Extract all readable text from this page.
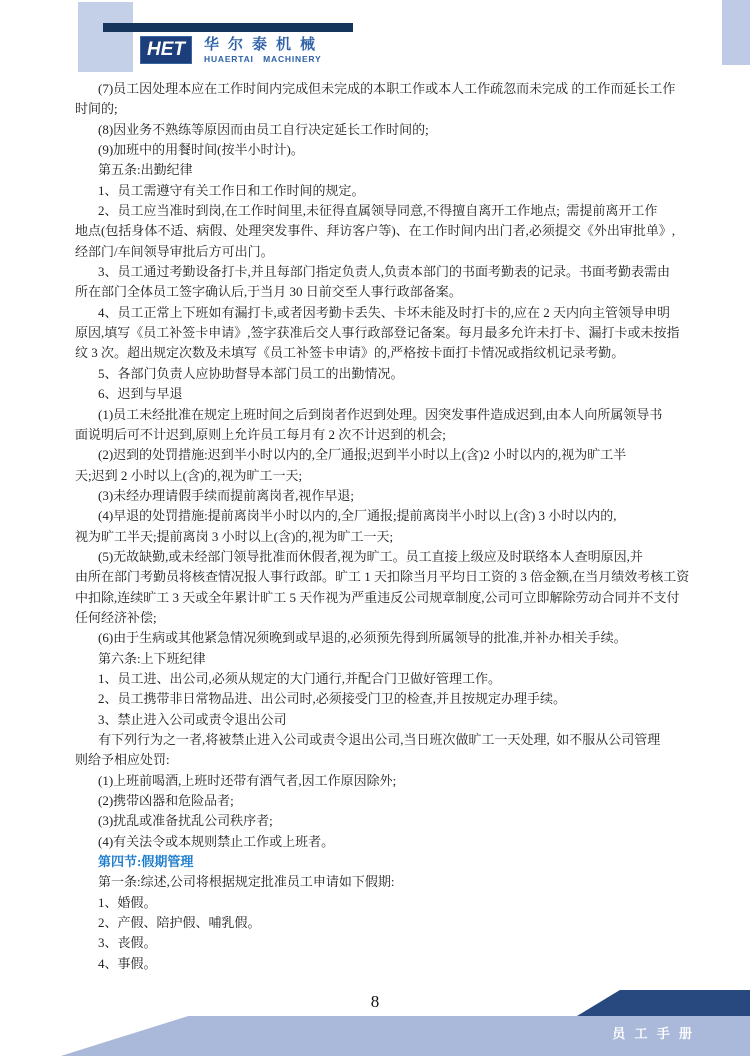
HET 华尔泰机械
HUAERTAI   MACHINERY
(7)员工因处理本应在工作时间内完成但未完成的本职工作或本人工作疏忽而未完成 的工作而延长工作
时间的;
(8)因业务不熟练等原因而由员工自行决定延长工作时间的;
(9)加班中的用餐时间(按半小时计)。
第五条:出勤纪律
1、员工需遵守有关工作日和工作时间的规定。
2、员工应当准时到岗,在工作时间里,未征得直属领导同意,不得擅自离开工作地点;  需提前离开工作
地点(包括身体不适、病假、处理突发事件、拜访客户等)、在工作时间内出门者,必须提交《外出审批单》,
经部门/车间领导审批后方可出门。
3、员工通过考勤设备打卡,并且每部门指定负责人,负责本部门的书面考勤表的记录。书面考勤表需由
所在部门全体员工签字确认后,于当月 30 日前交至人事行政部备案。
4、员工正常上下班如有漏打卡,或者因考勤卡丢失、卡坏未能及时打卡的,应在 2 天内向主管领导申明
原因,填写《员工补签卡申请》,签字获准后交人事行政部登记备案。每月最多允许未打卡、漏打卡或未按指
纹 3 次。超出规定次数及未填写《员工补签卡申请》的,严格按卡面打卡情况或指纹机记录考勤。
5、各部门负责人应协助督导本部门员工的出勤情况。
6、迟到与早退
(1)员工未经批准在规定上班时间之后到岗者作迟到处理。因突发事件造成迟到,由本人向所属领导书
面说明后可不计迟到,原则上允许员工每月有 2 次不计迟到的机会;
(2)迟到的处罚措施:迟到半小时以内的,全厂通报;迟到半小时以上(含)2 小时以内的,视为旷工半
天;迟到 2 小时以上(含)的,视为旷工一天;
(3)未经办理请假手续而提前离岗者,视作早退;
(4)早退的处罚措施:提前离岗半小时以内的,全厂通报;提前离岗半小时以上(含) 3 小时以内的,
视为旷工半天;提前离岗 3 小时以上(含)的,视为旷工一天;
(5)无故缺勤,或未经部门领导批准而休假者,视为旷工。员工直接上级应及时联络本人查明原因,并
由所在部门考勤员将核查情况报人事行政部。旷工 1 天扣除当月平均日工资的 3 倍金额,在当月绩效考核工资
中扣除,连续旷工 3 天或全年累计旷工 5 天作视为严重违反公司规章制度,公司可立即解除劳动合同并不支付
任何经济补偿;
(6)由于生病或其他紧急情况须晚到或早退的,必须预先得到所属领导的批准,并补办相关手续。
第六条:上下班纪律
1、员工进、出公司,必须从规定的大门通行,并配合门卫做好管理工作。
2、员工携带非日常物品进、出公司时,必须接受门卫的检查,并且按规定办理手续。
3、禁止进入公司或责令退出公司
有下列行为之一者,将被禁止进入公司或责令退出公司,当日班次做旷工一天处理,  如不服从公司管理
则给予相应处罚:
(1)上班前喝酒,上班时还带有酒气者,因工作原因除外;
(2)携带凶器和危险品者;
(3)扰乱或准备扰乱公司秩序者;
(4)有关法令或本规则禁止工作或上班者。
第四节:假期管理
第一条:综述,公司将根据规定批准员工申请如下假期:
1、婚假。
2、产假、陪护假、哺乳假。
3、丧假。
4、事假。
8
员 工 手 册
